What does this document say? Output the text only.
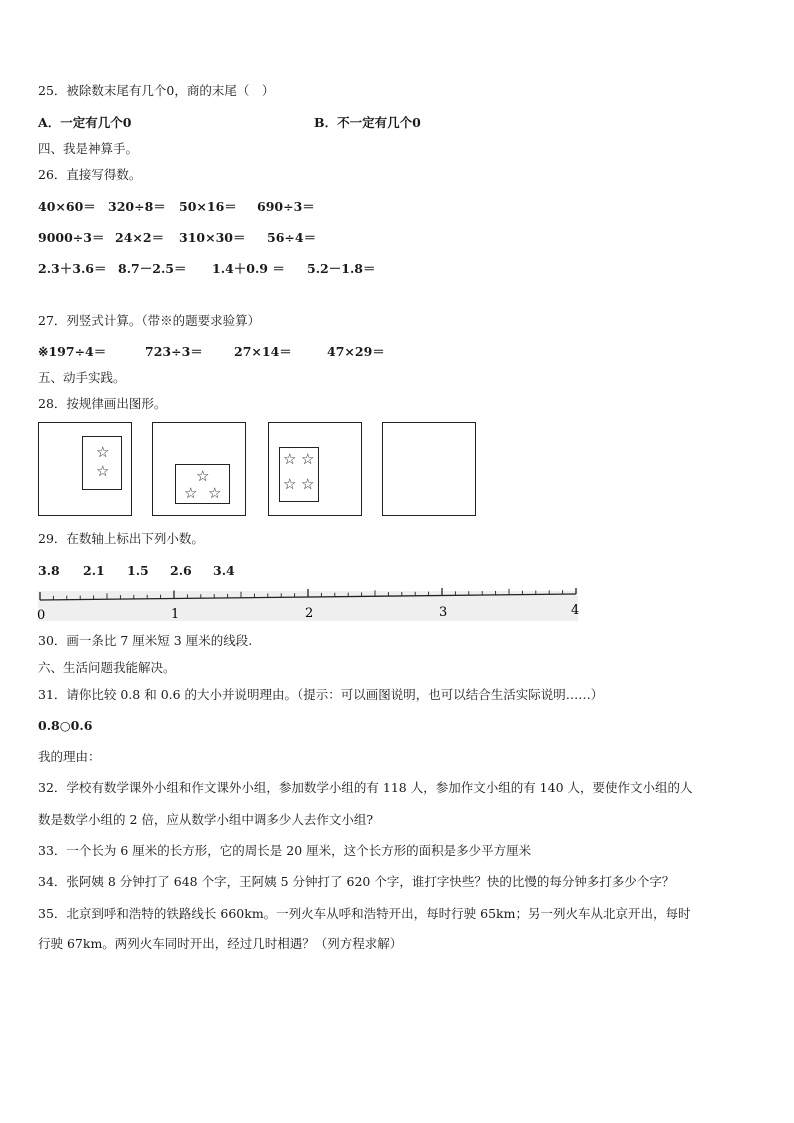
25．被除数末尾有几个0，商的末尾（　）
A．一定有几个0	B．不一定有几个0
四、我是神算手。
26．直接写得数。
40×60＝ 320÷8＝ 50×16＝ 690÷3＝
9000÷3＝ 24×2＝ 310×30＝ 56÷4＝
2.3＋3.6＝ 8.7－2.5＝ 1.4＋0.9 ＝ 5.2－1.8＝
27．列竖式计算。（带※的题要求验算）
※197÷4＝	723÷3＝ 27×14＝	47×29＝
五、动手实践。
28．按规律画出图形。
☆
☆	☆
☆ ☆
☆ ☆
☆ ☆
29．在数轴上标出下列小数。
3.8 2.1 1.5 2.6 3.4
0	1	2	3	4
30．画一条比 7 厘米短 3 厘米的线段.
六、生活问题我能解决。
31．请你比较 0.8 和 0.6 的大小并说明理由。（提示：可以画图说明，也可以结合生活实际说明……）
0.8○0.6
我的理由：
32．学校有数学课外小组和作文课外小组，参加数学小组的有 118 人，参加作文小组的有 140 人，要使作文小组的人
数是数学小组的 2 倍，应从数学小组中调多少人去作文小组?
33．一个长为 6 厘米的长方形，它的周长是 20 厘米，这个长方形的面积是多少平方厘米
34．张阿姨 8 分钟打了 648 个字，王阿姨 5 分钟打了 620 个字，谁打字快些？快的比慢的每分钟多打多少个字？
35．北京到呼和浩特的铁路线长 660km。一列火车从呼和浩特开出，每时行驶 65km；另一列火车从北京开出，每时
行驶 67km。两列火车同时开出，经过几时相遇？（列方程求解）
